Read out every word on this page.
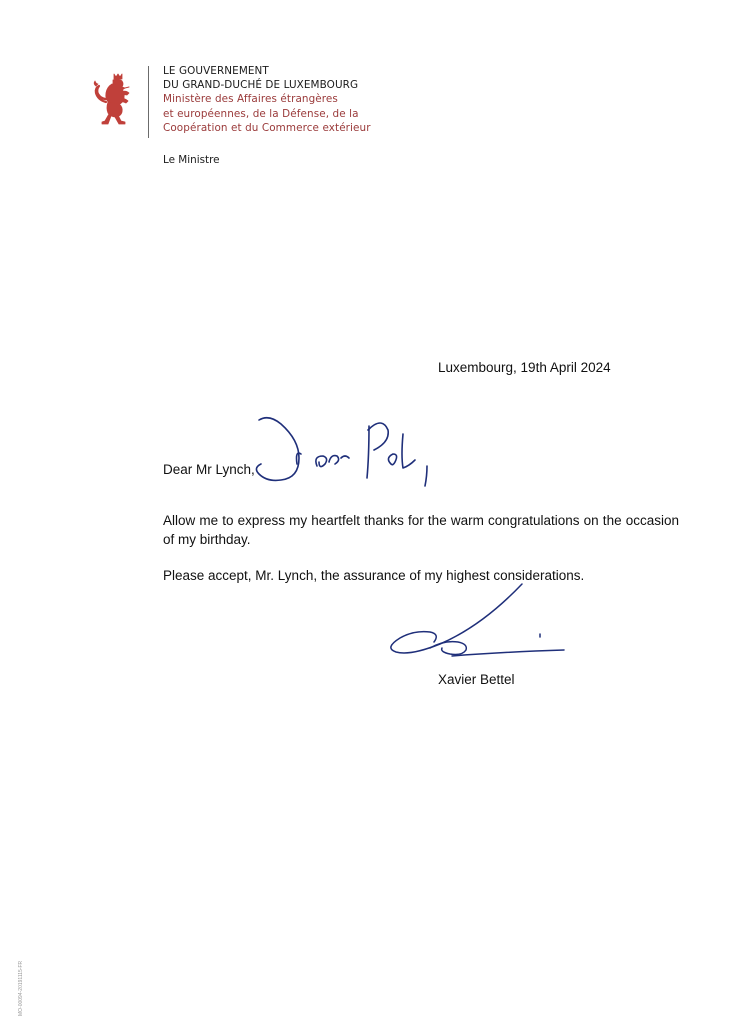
LE GOUVERNEMENT
DU GRAND-DUCHÉ DE LUXEMBOURG
Ministère des Affaires étrangères
et européennes, de la Défense, de la
Coopération et du Commerce extérieur
Le Ministre
Luxembourg, 19th April 2024
Dear Mr Lynch,

Allow me to express my heartfelt thanks for the warm congratulations on the occasion of my birthday.

Please accept, Mr. Lynch, the assurance of my highest considerations.

Xavier Bettel
MO-00094-20191115-FR
